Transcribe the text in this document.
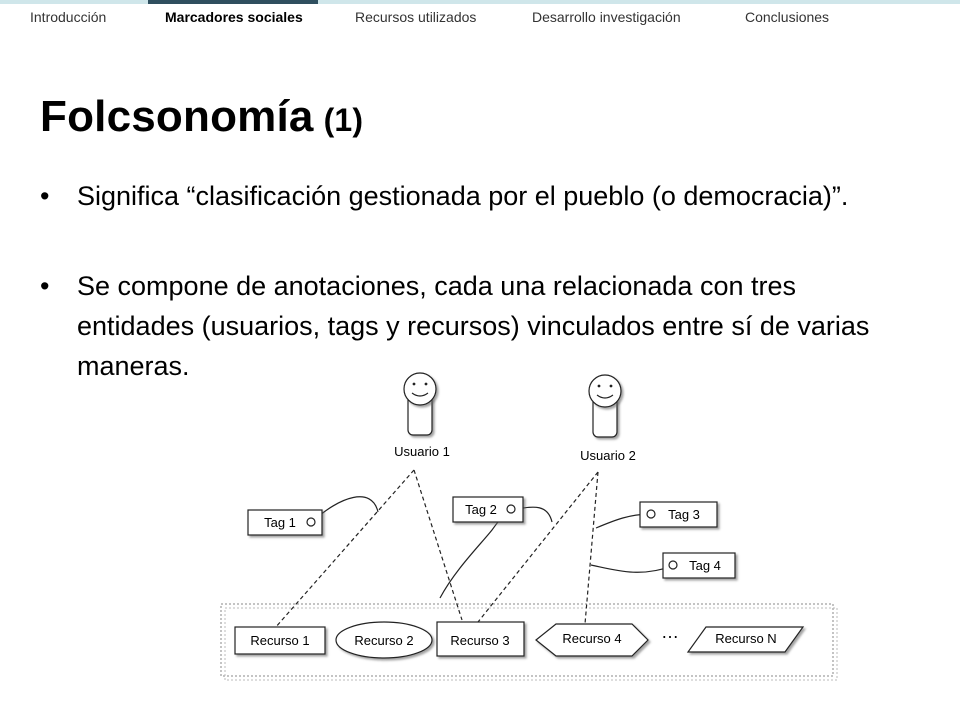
Introducción	Marcadores sociales	Recursos utilizados	Desarrollo investigación	Conclusiones
Folcsonomía (1)
• Significa “clasificación gestionada por el pueblo (o democracia)”.
• Se compone de anotaciones, cada una relacionada con tres entidades (usuarios, tags y recursos) vinculados entre sí de varias maneras.
Usuario 1	Usuario 2
Tag 1
Tag 2	Tag 3
Tag 4
Recurso 1	Recurso 2	Recurso 3	Recurso 4 …	Recurso N
